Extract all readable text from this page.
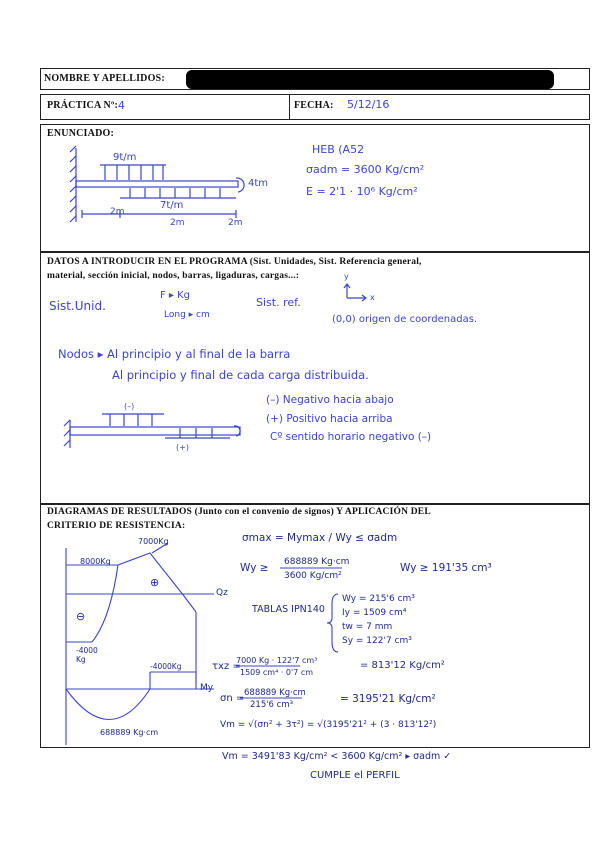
NOMBRE Y APELLIDOS:
PRÁCTICA Nº: 4	FECHA: 5/12/16
ENUNCIADO:
DATOS A INTRODUCIR EN EL PROGRAMA (Sist. Unidades, Sist. Referencia general,
material, sección inicial, nodos, barras, ligaduras, cargas...:
DIAGRAMAS DE RESULTADOS (Junto con el convenio de signos) Y APLICACIÓN DEL
CRITERIO DE RESISTENCIA:
9t/m
7t/m
4tm
2m
2m	2m
HEB (A52
σadm = 3600 Kg/cm²
E = 2'1 · 10⁶ Kg/cm²
Sist.Unid.
F ▸ Kg
Long ▸ cm
Sist. ref.
y
x
(0,0) origen de coordenadas.
Nodos ▸ Al principio y al final de la barra
Al principio y final de cada carga distribuida.
(–)
(+)
(–) Negativo hacia abajo
(+) Positivo hacia arriba
Cº sentido horario negativo (–)
8000Kg
7000Kg
-4000 Kg
-4000Kg
Qz
My
688889 Kg·cm
⊕
⊖
σmax = Mymax / Wy ≤ σadm
Wy ≥ 688889 Kg·cm
3600 Kg/cm²
Wy ≥ 191'35 cm³
TABLAS IPN140
Wy = 215'6 cm³
Iy = 1509 cm⁴
tw = 7 mm
Sy = 122'7 cm³
τxz =
7000 Kg · 122'7 cm³
1509 cm⁴ · 0'7 cm
= 813'12 Kg/cm²
σn = 688889 Kg·cm
215'6 cm³	= 3195'21 Kg/cm²
Vm = √(σn² + 3τ²) = √(3195'21² + (3 · 813'12²)
Vm = 3491'83 Kg/cm² < 3600 Kg/cm² ▸ σadm ✓
CUMPLE el PERFIL
